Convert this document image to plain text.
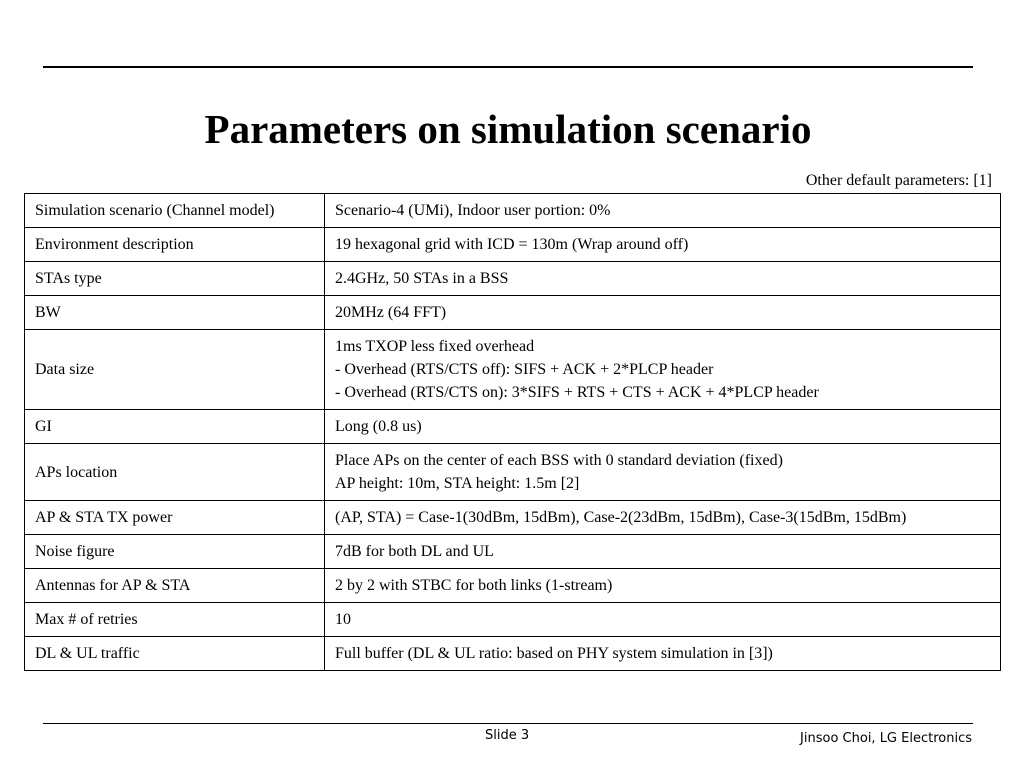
Parameters on simulation scenario
Other default parameters: [1]
Simulation scenario (Channel model)	Scenario-4 (UMi), Indoor user portion: 0%

Environment description	19 hexagonal grid with ICD = 130m (Wrap around off)

STAs type	2.4GHz, 50 STAs in a BSS

BW	20MHz (64 FFT)

Data size	1ms TXOP less fixed overhead
- Overhead (RTS/CTS off): SIFS + ACK + 2*PLCP header
- Overhead (RTS/CTS on): 3*SIFS + RTS + CTS + ACK + 4*PLCP header

GI	Long (0.8 us)

APs location	Place APs on the center of each BSS with 0 standard deviation (fixed)
AP height: 10m, STA height: 1.5m [2]

AP & STA TX power	(AP, STA) = Case-1(30dBm, 15dBm), Case-2(23dBm, 15dBm), Case-3(15dBm, 15dBm)

Noise figure	7dB for both DL and UL

Antennas for AP & STA	2 by 2 with STBC for both links (1-stream)

Max # of retries	10

DL & UL traffic	Full buffer (DL & UL ratio: based on PHY system simulation in [3])
Slide 3	Jinsoo Choi, LG Electronics
